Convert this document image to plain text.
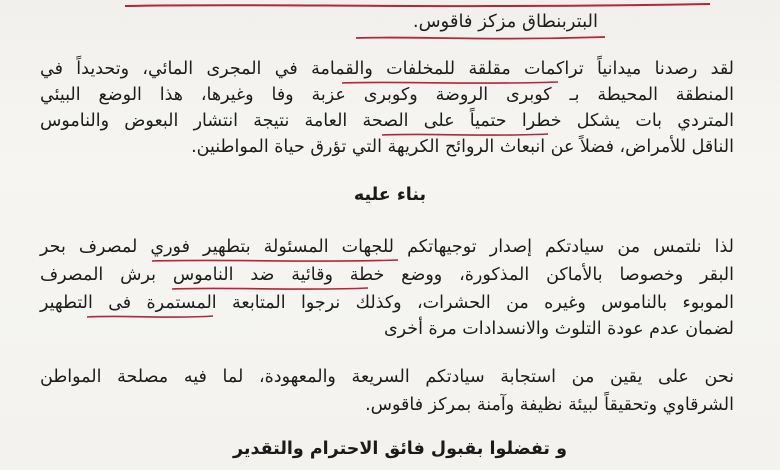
البتربنطاق مزكز فاقوس.
لقد رصدنا ميدانياً تراكمات مقلقة للمخلفات والقمامة في المجرى المائي، وتحديداً في
المنطقة المحيطة بـ كوبرى الروضة وكوبرى عزبة وفا وغيرها، هذا الوضع البيئي
المتردي بات يشكل خطرا حتمياً على الصحة العامة نتيجة انتشار البعوض والناموس
الناقل للأمراض، فضلاً عن انبعاث الروائح الكريهة التي تؤرق حياة المواطنين.
بناء عليه
لذا نلتمس من سيادتكم إصدار توجيهاتكم للجهات المسئولة بتطهير فوري لمصرف بحر
البقر وخصوصا بالأماكن المذكورة، ووضع خطة وقائية ضد الناموس برش المصرف
الموبوء بالناموس وغيره من الحشرات، وكذلك نرجوا المتابعة المستمرة فى التطهير
لضمان عدم عودة التلوث والانسدادات مرة أخرى
نحن على يقين من استجابة سيادتكم السريعة والمعهودة، لما فيه مصلحة المواطن
الشرقاوي وتحقيقاً لبيئة نظيفة وآمنة بمركز فاقوس.
و تفضلوا بقبول فائق الاحترام والتقدير
